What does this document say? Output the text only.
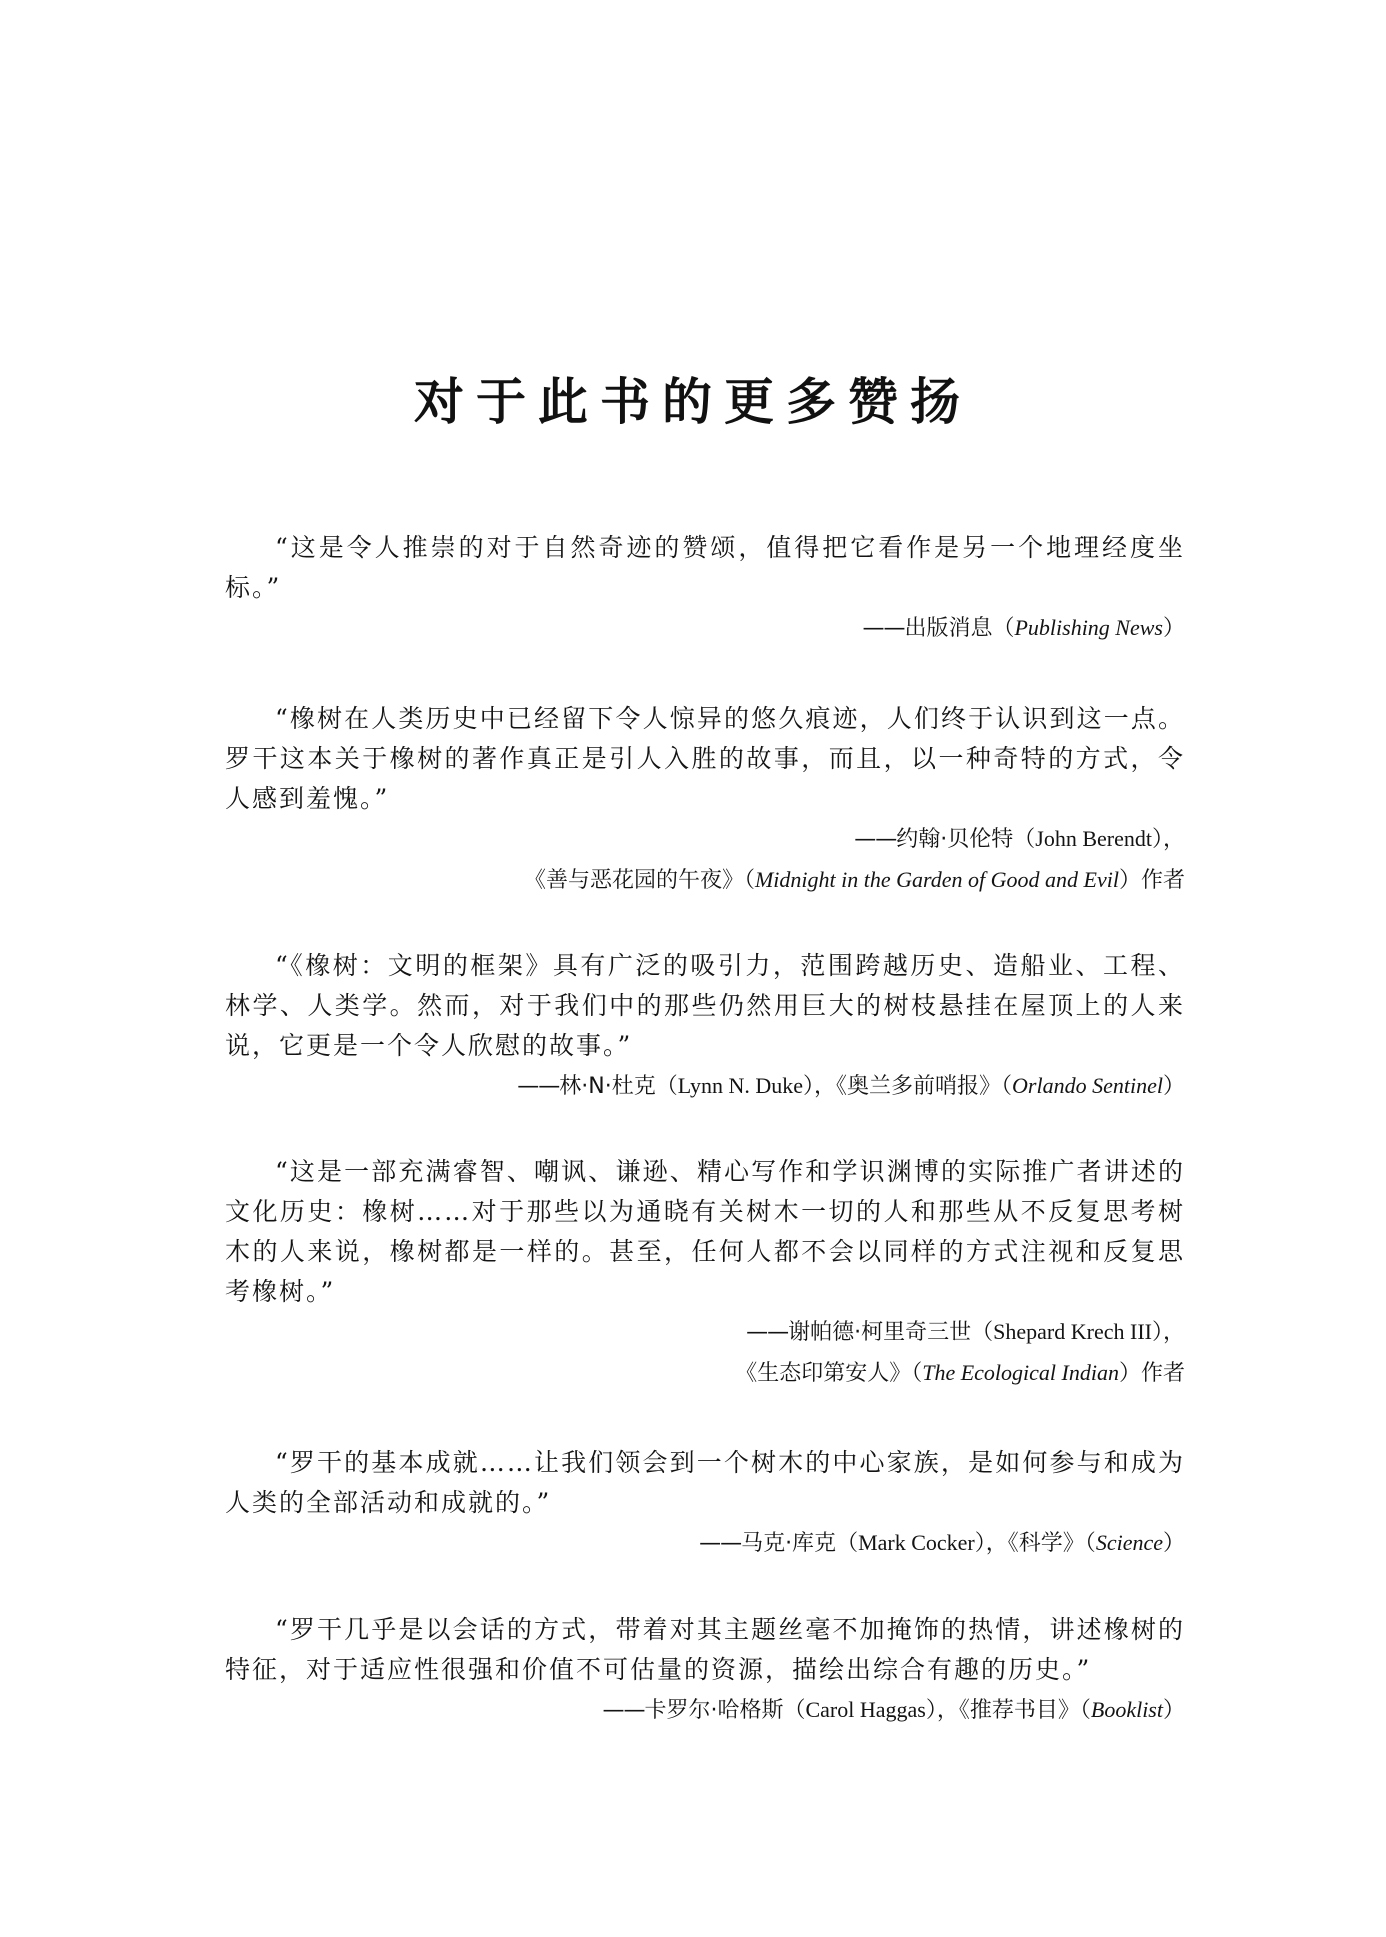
对于此书的更多赞扬

“这是令人推崇的对于自然奇迹的赞颂，值得把它看作是另一个地理经度坐标。”

——出版消息（Publishing News）

“橡树在人类历史中已经留下令人惊异的悠久痕迹，人们终于认识到这一点。罗干这本关于橡树的著作真正是引人入胜的故事，而且，以一种奇特的方式，令人感到羞愧。”

——约翰·贝伦特（John Berendt），

《善与恶花园的午夜》（Midnight in the Garden of Good and Evil）作者

“《橡树：文明的框架》具有广泛的吸引力，范围跨越历史、造船业、工程、林学、人类学。然而，对于我们中的那些仍然用巨大的树枝悬挂在屋顶上的人来说，它更是一个令人欣慰的故事。”

——林·N·杜克（Lynn N. Duke），《奥兰多前哨报》（Orlando Sentinel）

“这是一部充满睿智、嘲讽、谦逊、精心写作和学识渊博的实际推广者讲述的文化历史：橡树……对于那些以为通晓有关树木一切的人和那些从不反复思考树木的人来说，橡树都是一样的。甚至，任何人都不会以同样的方式注视和反复思考橡树。”

——谢帕德·柯里奇三世（Shepard Krech III），

《生态印第安人》（The Ecological Indian）作者

“罗干的基本成就……让我们领会到一个树木的中心家族，是如何参与和成为人类的全部活动和成就的。”

——马克·库克（Mark Cocker），《科学》（Science）

“罗干几乎是以会话的方式，带着对其主题丝毫不加掩饰的热情，讲述橡树的特征，对于适应性很强和价值不可估量的资源，描绘出综合有趣的历史。”

——卡罗尔·哈格斯（Carol Haggas），《推荐书目》（Booklist）
